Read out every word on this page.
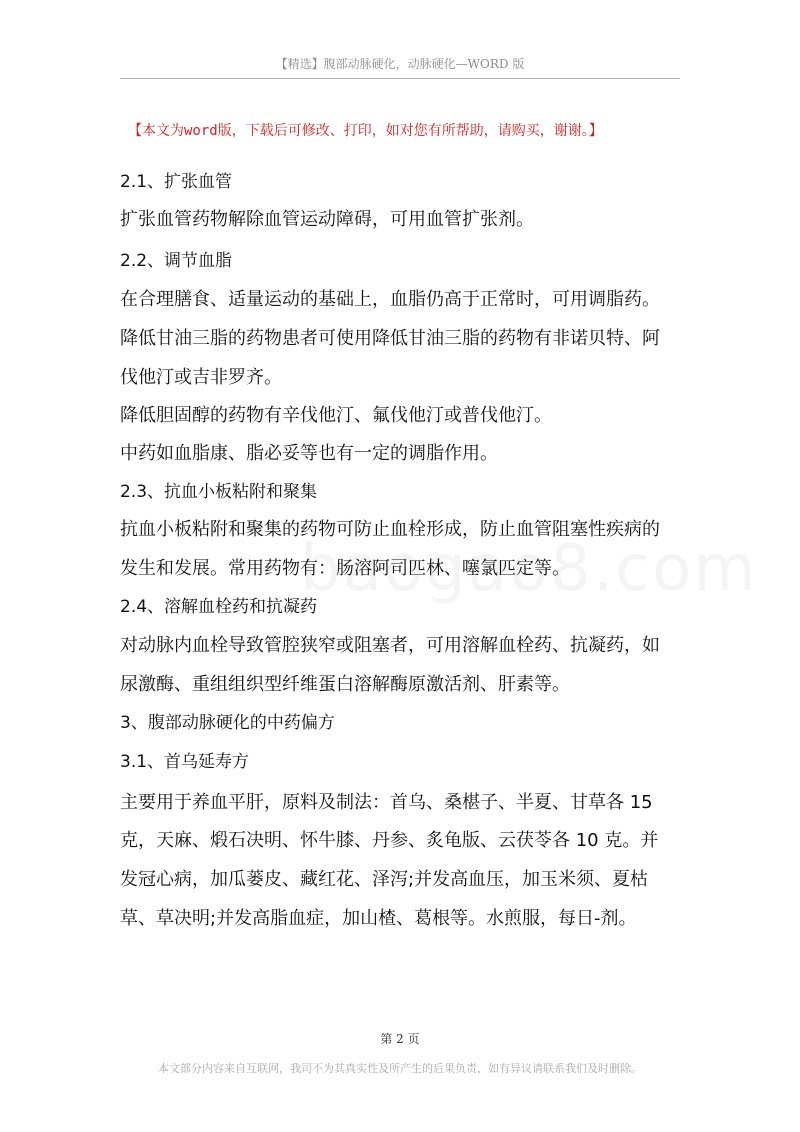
【精选】腹部动脉硬化，动脉硬化—WORD 版
【本文为word版，下载后可修改、打印，如对您有所帮助，请购买，谢谢。】
2.1、扩张血管
扩张血管药物解除血管运动障碍，可用血管扩张剂。
2.2、调节血脂
在合理膳食、适量运动的基础上，血脂仍高于正常时，可用调脂药。
降低甘油三脂的药物患者可使用降低甘油三脂的药物有非诺贝特、阿
伐他汀或吉非罗齐。
降低胆固醇的药物有辛伐他汀、氟伐他汀或普伐他汀。
中药如血脂康、脂必妥等也有一定的调脂作用。
2.3、抗血小板粘附和聚集
抗血小板粘附和聚集的药物可防止血栓形成，防止血管阻塞性疾病的
发生和发展。常用药物有：肠溶阿司匹林、噻氯匹定等。
2.4、溶解血栓药和抗凝药
对动脉内血栓导致管腔狭窄或阻塞者，可用溶解血栓药、抗凝药，如
尿激酶、重组组织型纤维蛋白溶解酶原激活剂、肝素等。
3、腹部动脉硬化的中药偏方
3.1、首乌延寿方
主要用于养血平肝，原料及制法：首乌、桑椹子、半夏、甘草各 15
克，天麻、煅石决明、怀牛膝、丹参、炙龟版、云茯苓各 10 克。并
发冠心病，加瓜蒌皮、藏红花、泽泻;并发高血压，加玉米须、夏枯
草、草决明;并发高脂血症，加山楂、葛根等。水煎服，每日-剂。
第 2 页
本文部分内容来自互联网，我司不为其真实性及所产生的后果负责，如有异议请联系我们及时删除。
